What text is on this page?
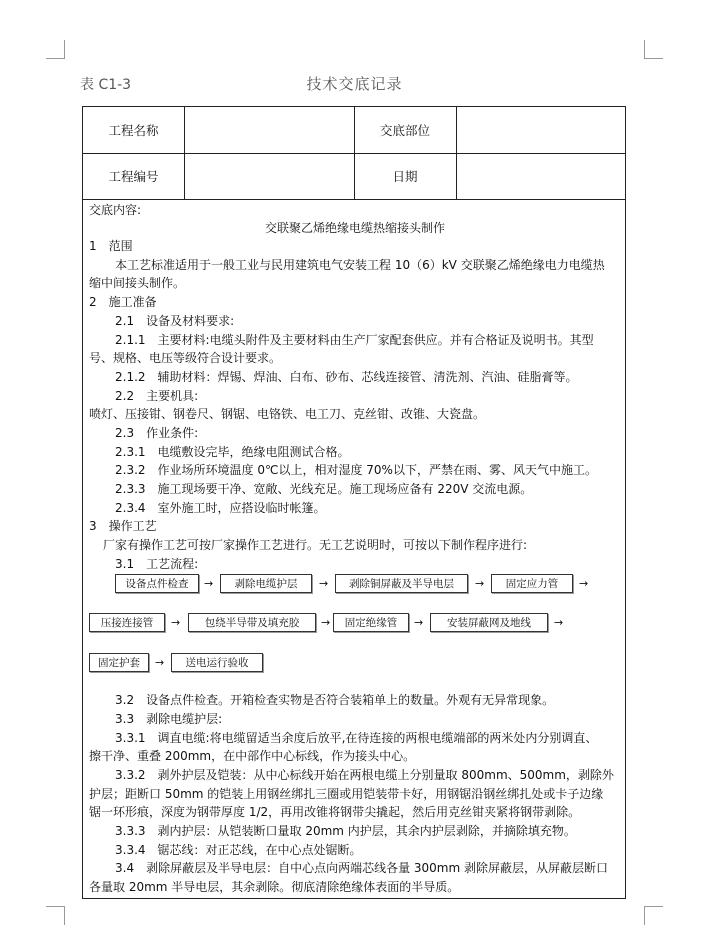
表 C1-3	技术交底记录
工程名称	交底部位
工程编号	日期
交底内容:
交联聚乙烯绝缘电缆热缩接头制作
1　范围
本工艺标准适用于一般工业与民用建筑电气安装工程 10（6）kV 交联聚乙烯绝缘电力电缆热
缩中间接头制作。
2　施工准备
2.1　设备及材料要求:
2.1.1　主要材料:电缆头附件及主要材料由生产厂家配套供应。并有合格证及说明书。其型
号、规格、电压等级符合设计要求。
2.1.2　辅助材料：焊锡、焊油、白布、砂布、芯线连接管、清洗剂、汽油、硅脂膏等。
2.2　主要机具:
喷灯、压接钳、钢卷尺、钢锯、电铬铁、电工刀、克丝钳、改锥、大瓷盘。
2.3　作业条件:
2.3.1　电缆敷设完毕，绝缘电阻测试合格。
2.3.2　作业场所环境温度 0℃以上，相对湿度 70%以下，严禁在雨、雾、风天气中施工。
2.3.3　施工现场要干净、宽敞、光线充足。施工现场应备有 220V 交流电源。
2.3.4　室外施工时，应搭设临时帐篷。
3　操作工艺
厂家有操作工艺可按厂家操作工艺进行。无工艺说明时，可按以下制作程序进行:
3.1　工艺流程:
设备点件检查	→	剥除电缆护层	→	剥除铜屏蔽及半导电层	→	固定应力管	→
压接连接管	→	包绕半导带及填充胶	→	固定绝缘管	→	安装屏蔽网及地线	→
固定护套	→	送电运行验收
3.2　设备点件检查。开箱检查实物是否符合装箱单上的数量。外观有无异常现象。
3.3　剥除电缆护层:
3.3.1　调直电缆:将电缆留适当余度后放平,在待连接的两根电缆端部的两米处内分别调直、
擦干净、重叠 200mm，在中部作中心标线，作为接头中心。
3.3.2　剥外护层及铠装：从中心标线开始在两根电缆上分别量取 800mm、500mm，剥除外
护层；距断口 50mm 的铠装上用钢丝绑扎三圈或用铠装带卡好，用钢锯沿钢丝绑扎处或卡子边缘
锯一环形痕，深度为钢带厚度 1/2，再用改锥将钢带尖撬起，然后用克丝钳夹紧将钢带剥除。
3.3.3　剥内护层：从铠装断口量取 20mm 内护层，其余内护层剥除，并摘除填充物。
3.3.4　锯芯线：对正芯线，在中心点处锯断。
3.4　剥除屏蔽层及半导电层：自中心点向两端芯线各量 300mm 剥除屏蔽层，从屏蔽层断口
各量取 20mm 半导电层，其余剥除。彻底清除绝缘体表面的半导质。
